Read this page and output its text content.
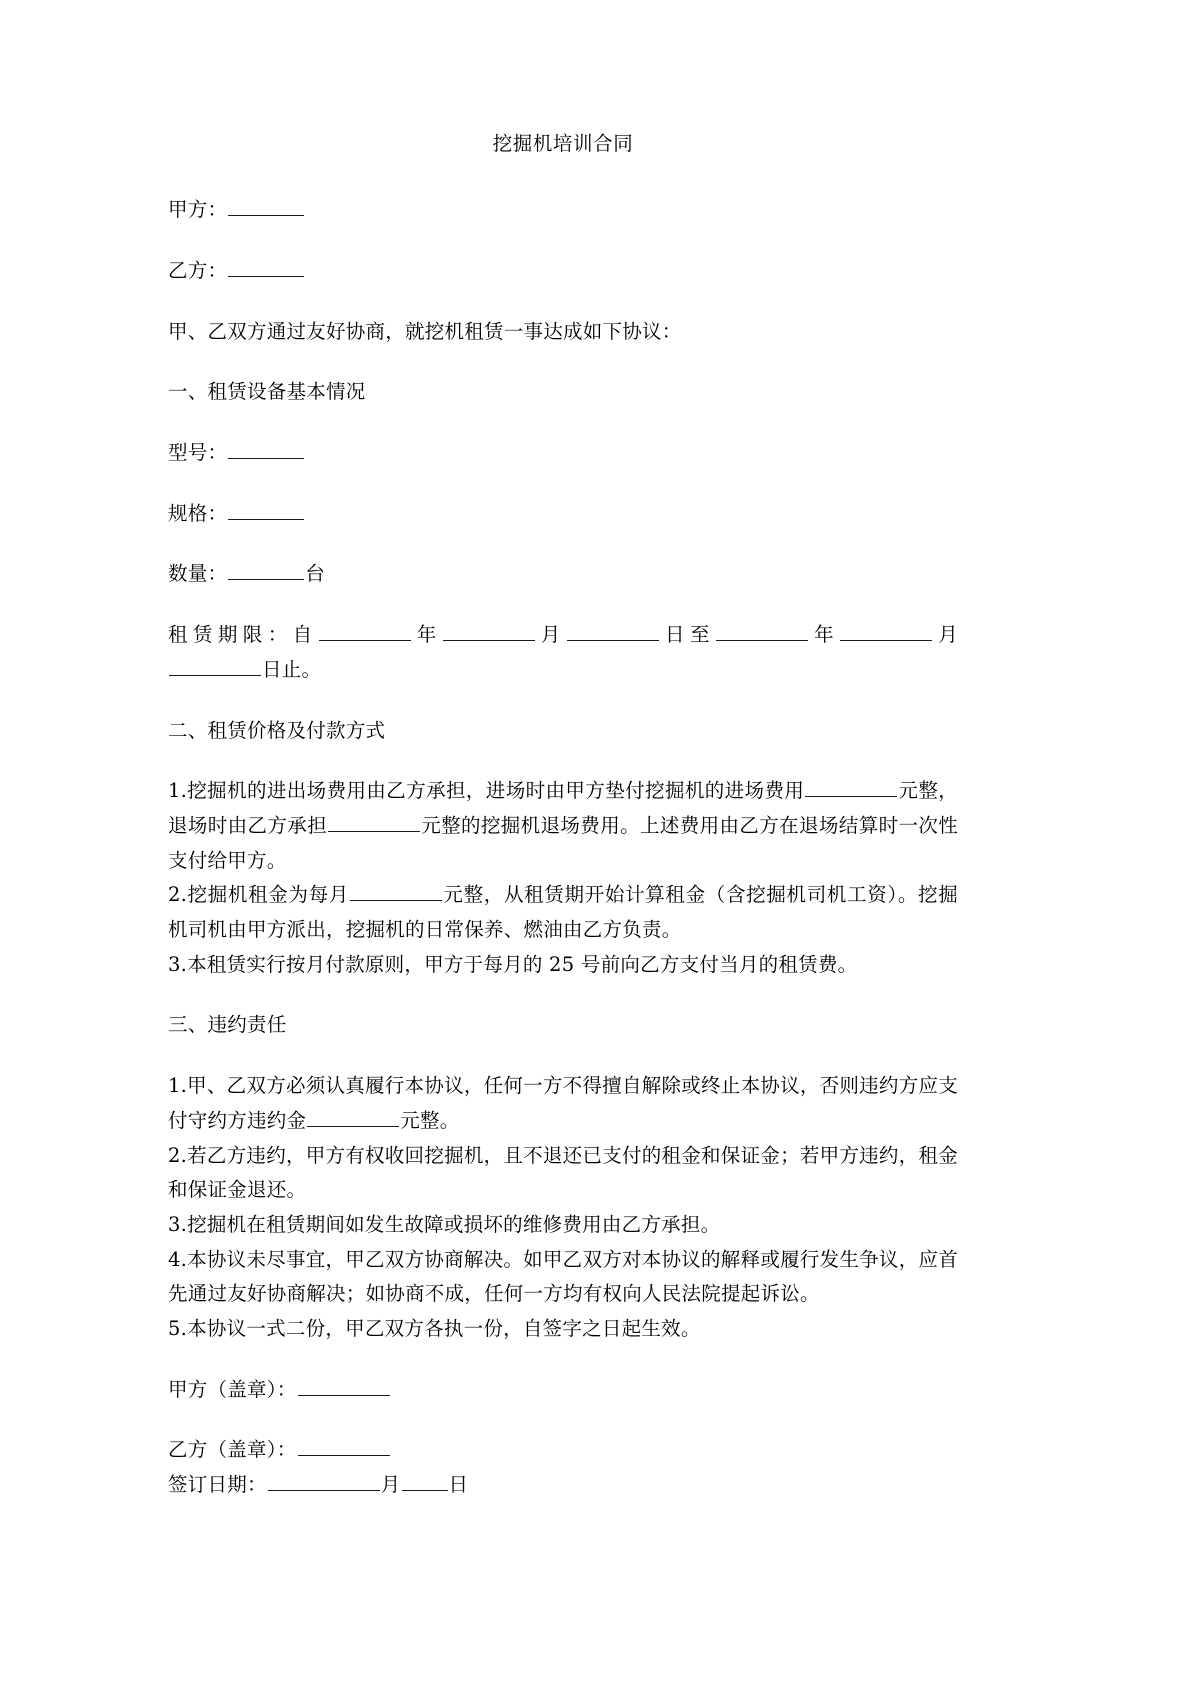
挖掘机培训合同
甲方：
乙方：
甲、乙双方通过友好协商，就挖机租赁一事达成如下协议：
一、租赁设备基本情况
型号：
规格：
数量：	台
租赁期限：自	年	月	日至	年	月日止。
二、租赁价格及付款方式
1.挖掘机的进出场费用由乙方承担，进场时由甲方垫付挖掘机的进场费用	元整，退场时由乙方承担	元整的挖掘机退场费用。上述费用由乙方在退场结算时一次性支付给甲方。
2.挖掘机租金为每月	元整，从租赁期开始计算租金（含挖掘机司机工资）。挖掘机司机由甲方派出，挖掘机的日常保养、燃油由乙方负责。
3.本租赁实行按月付款原则，甲方于每月的 25 号前向乙方支付当月的租赁费。
三、违约责任
1.甲、乙双方必须认真履行本协议，任何一方不得擅自解除或终止本协议，否则违约方应支付守约方违约金	元整。
2.若乙方违约，甲方有权收回挖掘机，且不退还已支付的租金和保证金；若甲方违约，租金和保证金退还。
3.挖掘机在租赁期间如发生故障或损坏的维修费用由乙方承担。
4.本协议未尽事宜，甲乙双方协商解决。如甲乙双方对本协议的解释或履行发生争议，应首先通过友好协商解决；如协商不成，任何一方均有权向人民法院提起诉讼。
5.本协议一式二份，甲乙双方各执一份，自签字之日起生效。
甲方（盖章）：
乙方（盖章）：
签订日期：	月 日
